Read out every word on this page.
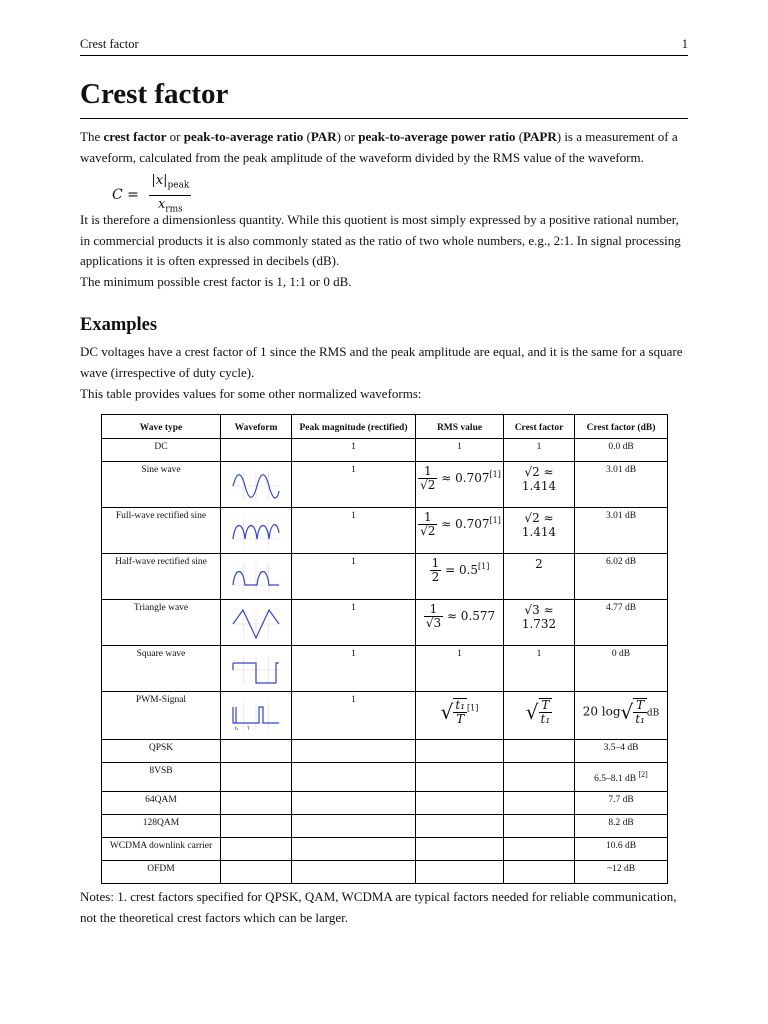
Crest factor	1
Crest factor

The crest factor or peak-to-average ratio (PAR) or peak-to-average power ratio (PAPR) is a measurement of a waveform, calculated from the peak amplitude of the waveform divided by the RMS value of the waveform.

$C = \frac{|x|_{peak}}{x_{rms}}$

It is therefore a dimensionless quantity. While this quotient is most simply expressed by a positive rational number, in commercial products it is also commonly stated as the ratio of two whole numbers, e.g., 2:1. In signal processing applications it is often expressed in decibels (dB).

The minimum possible crest factor is 1, 1:1 or 0 dB.

Examples

DC voltages have a crest factor of 1 since the RMS and the peak amplitude are equal, and it is the same for a square wave (irrespective of duty cycle).

This table provides values for some other normalized waveforms:

Wave type	Waveform	Peak magnitude (rectified)	RMS value	Crest factor	Crest factor (dB)
DC		1	1	1	0.0 dB
Sine wave		1	$\frac{1}{√2} \approx 0.707[1]$	√2 ≈ 1.414	3.01 dB
Full-wave rectified sine		1	$\frac{1}{√2} \approx 0.707[1]$	√2 ≈ 1.414	3.01 dB
Half-wave rectified sine		1	$\frac{1}{2} = 0.5[1]$	2	6.02 dB
Triangle wave		1	$\frac{1}{√3} \approx 0.577$	√3 ≈ 1.732	4.77 dB
Square wave		1	1	1	0 dB
PWM-Signal	t₁ T	1	√ $\frac{\text{t₁}}{T} [1]$	√ $\frac{T}{\text{t₁}}$	20 $\log√ \frac{T}{\text{t₁}}$ dB
QPSK					3.5–4 dB
8VSB					6.5–8.1 dB [2]
64QAM					7.7 dB
128QAM					8.2 dB
WCDMA downlink carrier					10.6 dB
OFDM					~12 dB

Notes: 1. crest factors specified for QPSK, QAM, WCDMA are typical factors needed for reliable communication, not the theoretical crest factors which can be larger.
